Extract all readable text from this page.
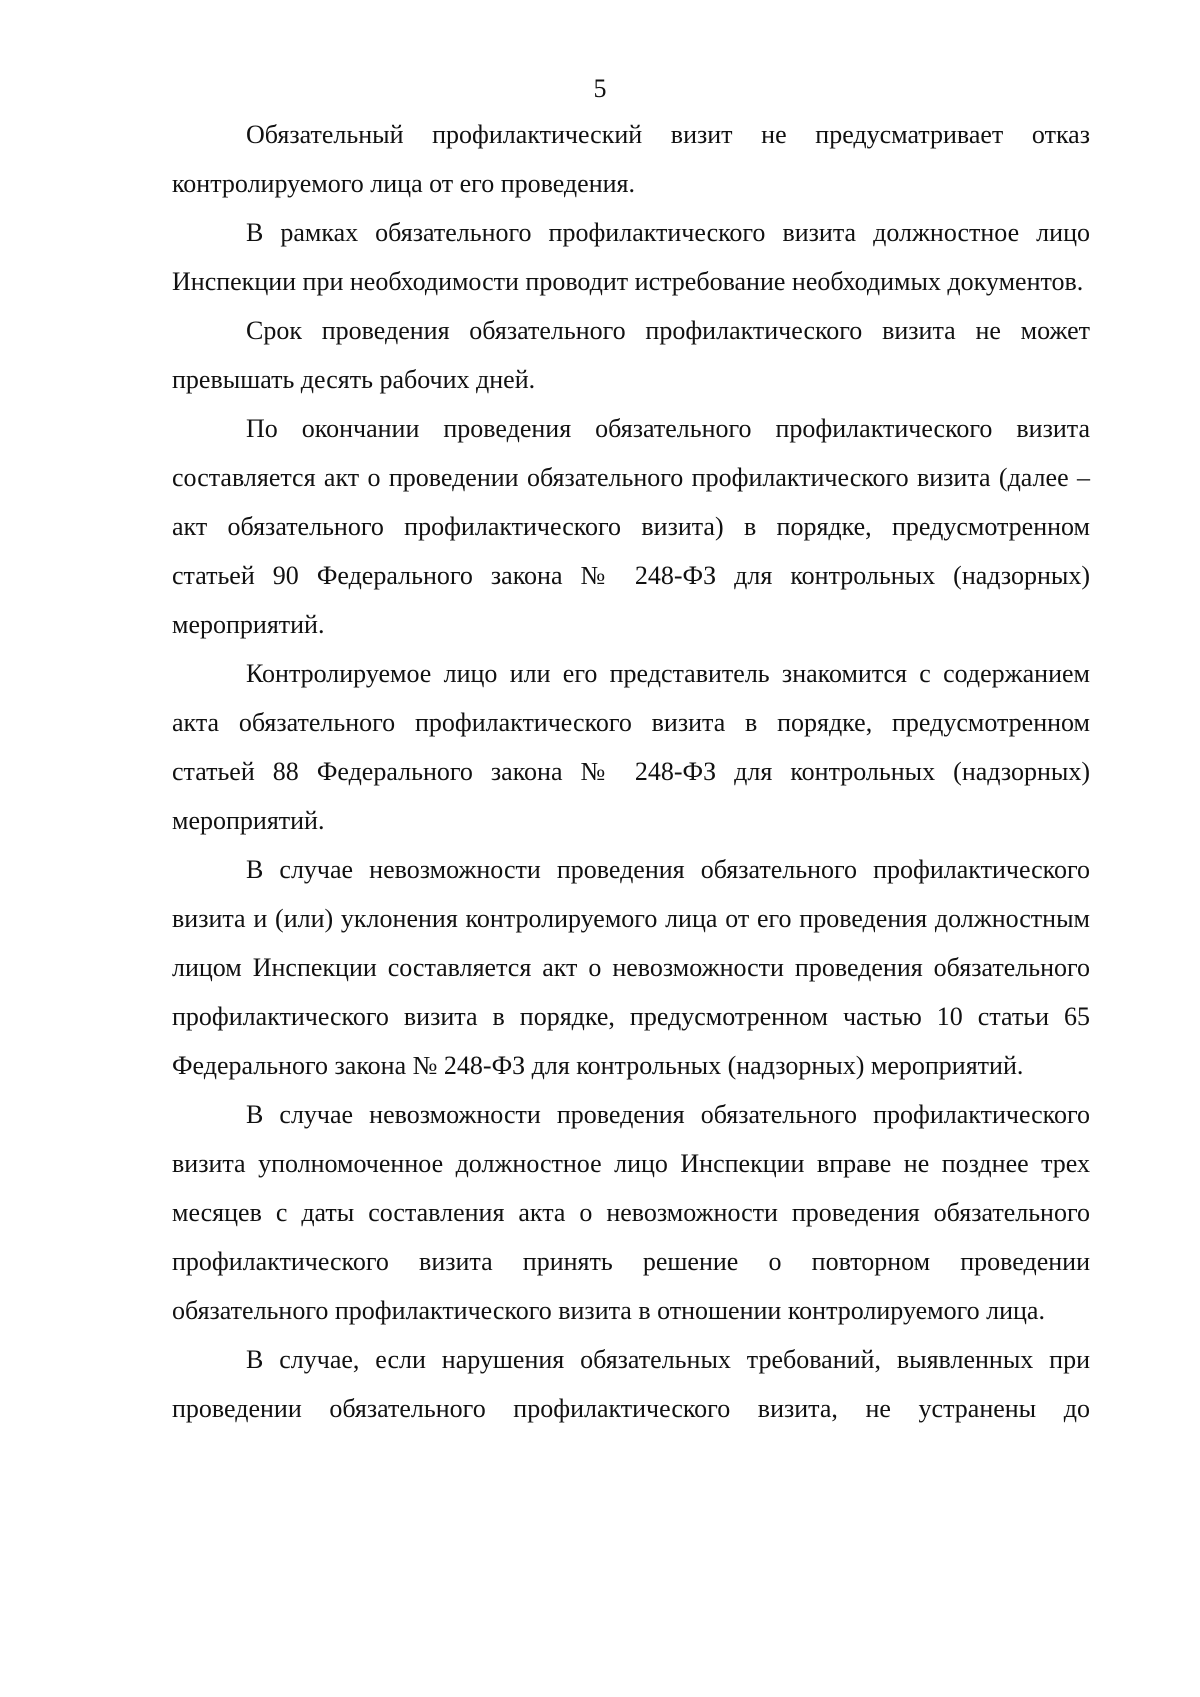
5

Обязательный профилактический визит не предусматривает отказ контролируемого лица от его проведения.

В рамках обязательного профилактического визита должностное лицо Инспекции при необходимости проводит истребование необходимых документов.

Срок проведения обязательного профилактического визита не может превышать десять рабочих дней.

По окончании проведения обязательного профилактического визита составляется акт о проведении обязательного профилактического визита (далее – акт обязательного профилактического визита) в порядке, предусмотренном статьей 90 Федерального закона № 248-ФЗ для контрольных (надзорных) мероприятий.

Контролируемое лицо или его представитель знакомится с содержанием акта обязательного профилактического визита в порядке, предусмотренном статьей 88 Федерального закона № 248-ФЗ для контрольных (надзорных) мероприятий.

В случае невозможности проведения обязательного профилактического визита и (или) уклонения контролируемого лица от его проведения должностным лицом Инспекции составляется акт о невозможности проведения обязательного профилактического визита в порядке, предусмотренном частью 10 статьи 65 Федерального закона № 248-ФЗ для контрольных (надзорных) мероприятий.

В случае невозможности проведения обязательного профилактического визита уполномоченное должностное лицо Инспекции вправе не позднее трех месяцев с даты составления акта о невозможности проведения обязательного профилактического визита принять решение о повторном проведении обязательного профилактического визита в отношении контролируемого лица.

В случае, если нарушения обязательных требований, выявленных при проведении обязательного профилактического визита, не устранены до
